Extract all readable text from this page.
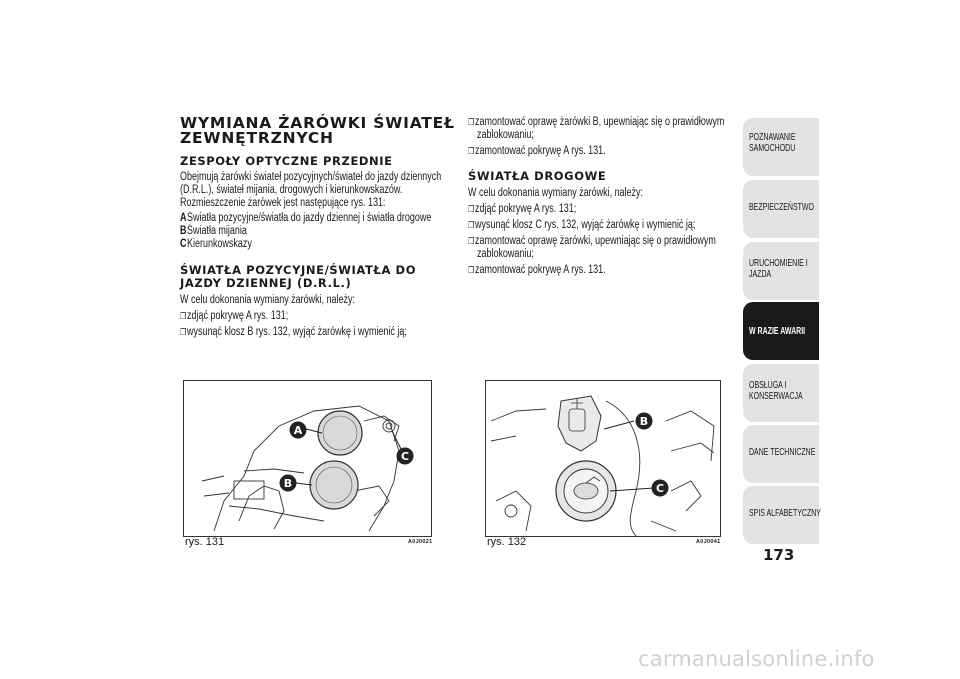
WYMIANA ŻARÓWKI ŚWIATEŁ
ZEWNĘTRZNYCH
ZESPOŁY OPTYCZNE PRZEDNIE
Obejmują żarówki świateł pozycyjnych/świateł do jazdy dziennych
(D.R.L.), świateł mijania, drogowych i kierunkowskazów.
Rozmieszczenie żarówek jest następujące rys. 131:
AŚwiatła pozycyjne/światła do jazdy dziennej i światła drogowe
BŚwiatła mijania
CKierunkowskazy
ŚWIATŁA POZYCYJNE/ŚWIATŁA DO
JAZDY DZIENNEJ (D.R.L.)
W celu dokonania wymiany żarówki, należy:
❐zdjąć pokrywę A rys. 131;
❐wysunąć klosz B rys. 132, wyjąć żarówkę i wymienić ją;
❐zamontować oprawę żarówki B, upewniając się o prawidłowym
zablokowaniu;
❐zamontować pokrywę A rys. 131.
ŚWIATŁA DROGOWE
W celu dokonania wymiany żarówki, należy:
❐zdjąć pokrywę A rys. 131;
❐wysunąć klosz C rys. 132, wyjąć żarówkę i wymienić ją;
❐zamontować oprawę żarówki, upewniając się o prawidłowym
zablokowaniu;
❐zamontować pokrywę A rys. 131.
A
B
C
rys. 131	A0J0021
B
C
rys. 132	A0J0041
POZNAWANIE
SAMOCHODU
BEZPIECZEŃSTWO
URUCHOMIENIE I
JAZDA
W RAZIE AWARII
OBSŁUGA I
KONSERWACJA
DANE TECHNICZNE
SPIS ALFABETYCZNY
173
carmanualsonline.info
